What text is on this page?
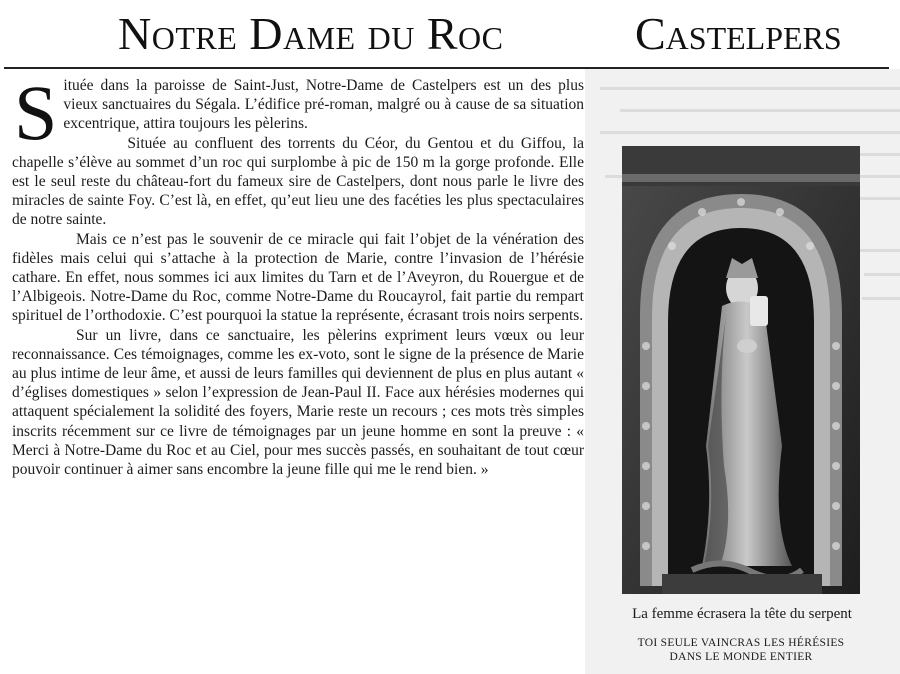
Notre Dame du Roc	Castelpers

Située dans la paroisse de Saint-Just, Notre-Dame de Castelpers est un des plus vieux sanctuaires du Ségala. L’édifice pré-roman, malgré ou à cause de sa situation excentrique, attira toujours les pèlerins.

Située au confluent des torrents du Céor, du Gentou et du Giffou, la chapelle s’élève au sommet d’un roc qui surplombe à pic de 150 m la gorge profonde. Elle est le seul reste du château-fort du fameux sire de Castelpers, dont nous parle le livre des miracles de sainte Foy. C’est là, en effet, qu’eut lieu une des facéties les plus spectaculaires de notre sainte.

Mais ce n’est pas le souvenir de ce miracle qui fait l’objet de la vénération des fidèles mais celui qui s’attache à la protection de Marie, contre l’invasion de l’hérésie cathare. En effet, nous sommes ici aux limites du Tarn et de l’Aveyron, du Rouergue et de l’Albigeois. Notre-Dame du Roc, comme Notre-Dame du Roucayrol, fait partie du rempart spirituel de l’orthodoxie. C’est pourquoi la statue la représente, écrasant trois noirs serpents.

Sur un livre, dans ce sanctuaire, les pèlerins expriment leurs vœux ou leur reconnaissance. Ces témoignages, comme les ex-voto, sont le signe de la présence de Marie au plus intime de leur âme, et aussi de leurs familles qui deviennent de plus en plus autant « d’églises domestiques » selon l’expression de Jean-Paul II. Face aux hérésies modernes qui attaquent spécialement la solidité des foyers, Marie reste un recours ; ces mots très simples inscrits récemment sur ce livre de témoignages par un jeune homme en sont la preuve : « Merci à Notre-Dame du Roc et au Ciel, pour mes succès passés, en souhaitant de tout cœur pouvoir continuer à aimer sans encombre la jeune fille qui me le rend bien. »

La femme écrasera la tête du serpent
TOI SEULE VAINCRAS LES HÉRÉSIES
DANS LE MONDE ENTIER
